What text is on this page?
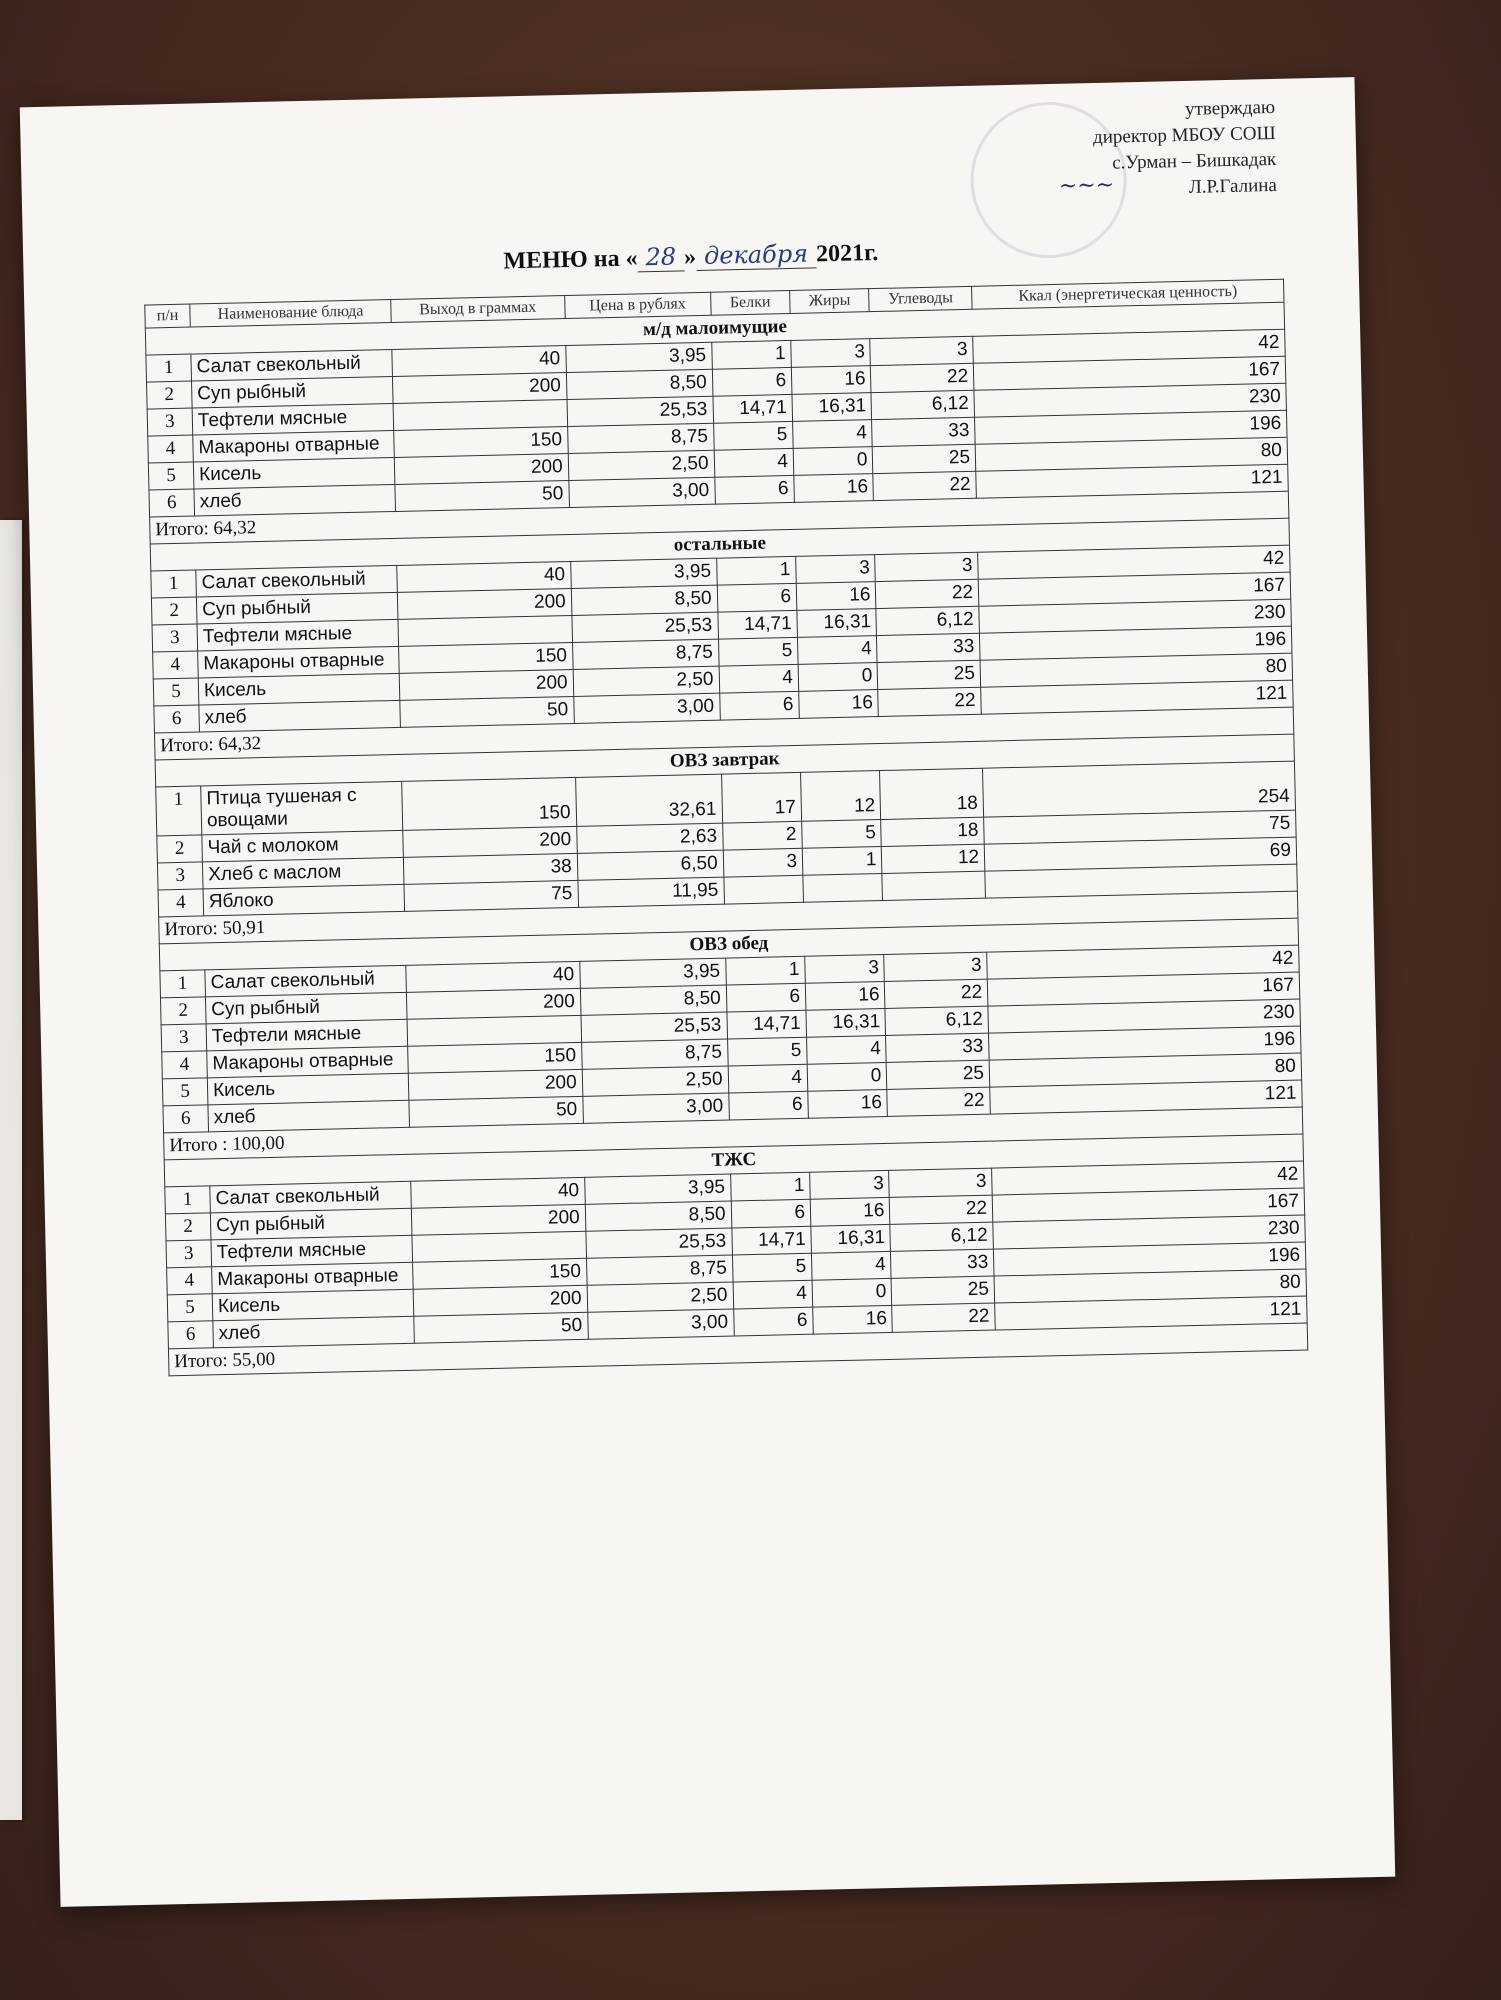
утверждаю
директор МБОУ СОШ
с.Урман – Бишкадак
~~~	Л.Р.Галина
МЕНЮ на « 28 » декабря 2021г.
п/н	Наименование блюда	Выход в граммах	Цена в рублях	Белки	Жиры	Углеводы	Ккал (энергетическая ценность)
м/д малоимущие							
1	Салат свекольный	40	3,95	1	3	3	42
2	Суп рыбный	200	8,50	6	16	22	167
3	Тефтели мясные		25,53	14,71	16,31	6,12	230
4	Макароны отварные	150	8,75	5	4	33	196
5	Кисель	200	2,50	4	0	25	80
6	хлеб	50	3,00	6	16	22	121
Итого: 64,32							
остальные							
1	Салат свекольный	40	3,95	1	3	3	42
2	Суп рыбный	200	8,50	6	16	22	167
3	Тефтели мясные		25,53	14,71	16,31	6,12	230
4	Макароны отварные	150	8,75	5	4	33	196
5	Кисель	200	2,50	4	0	25	80
6	хлеб	50	3,00	6	16	22	121
Итого: 64,32							
ОВЗ завтрак							
1	Птица тушеная с овощами	150	32,61	17	12	18	254
2	Чай с молоком	200	2,63	2	5	18	75
3	Хлеб с маслом	38	6,50	3	1	12	69
4	Яблоко	75	11,95				
Итого: 50,91							
ОВЗ обед							
1	Салат свекольный	40	3,95	1	3	3	42
2	Суп рыбный	200	8,50	6	16	22	167
3	Тефтели мясные		25,53	14,71	16,31	6,12	230
4	Макароны отварные	150	8,75	5	4	33	196
5	Кисель	200	2,50	4	0	25	80
6	хлеб	50	3,00	6	16	22	121
Итого : 100,00							
ТЖС							
1	Салат свекольный	40	3,95	1	3	3	42
2	Суп рыбный	200	8,50	6	16	22	167
3	Тефтели мясные		25,53	14,71	16,31	6,12	230
4	Макароны отварные	150	8,75	5	4	33	196
5	Кисель	200	2,50	4	0	25	80
6	хлеб	50	3,00	6	16	22	121
Итого: 55,00							
